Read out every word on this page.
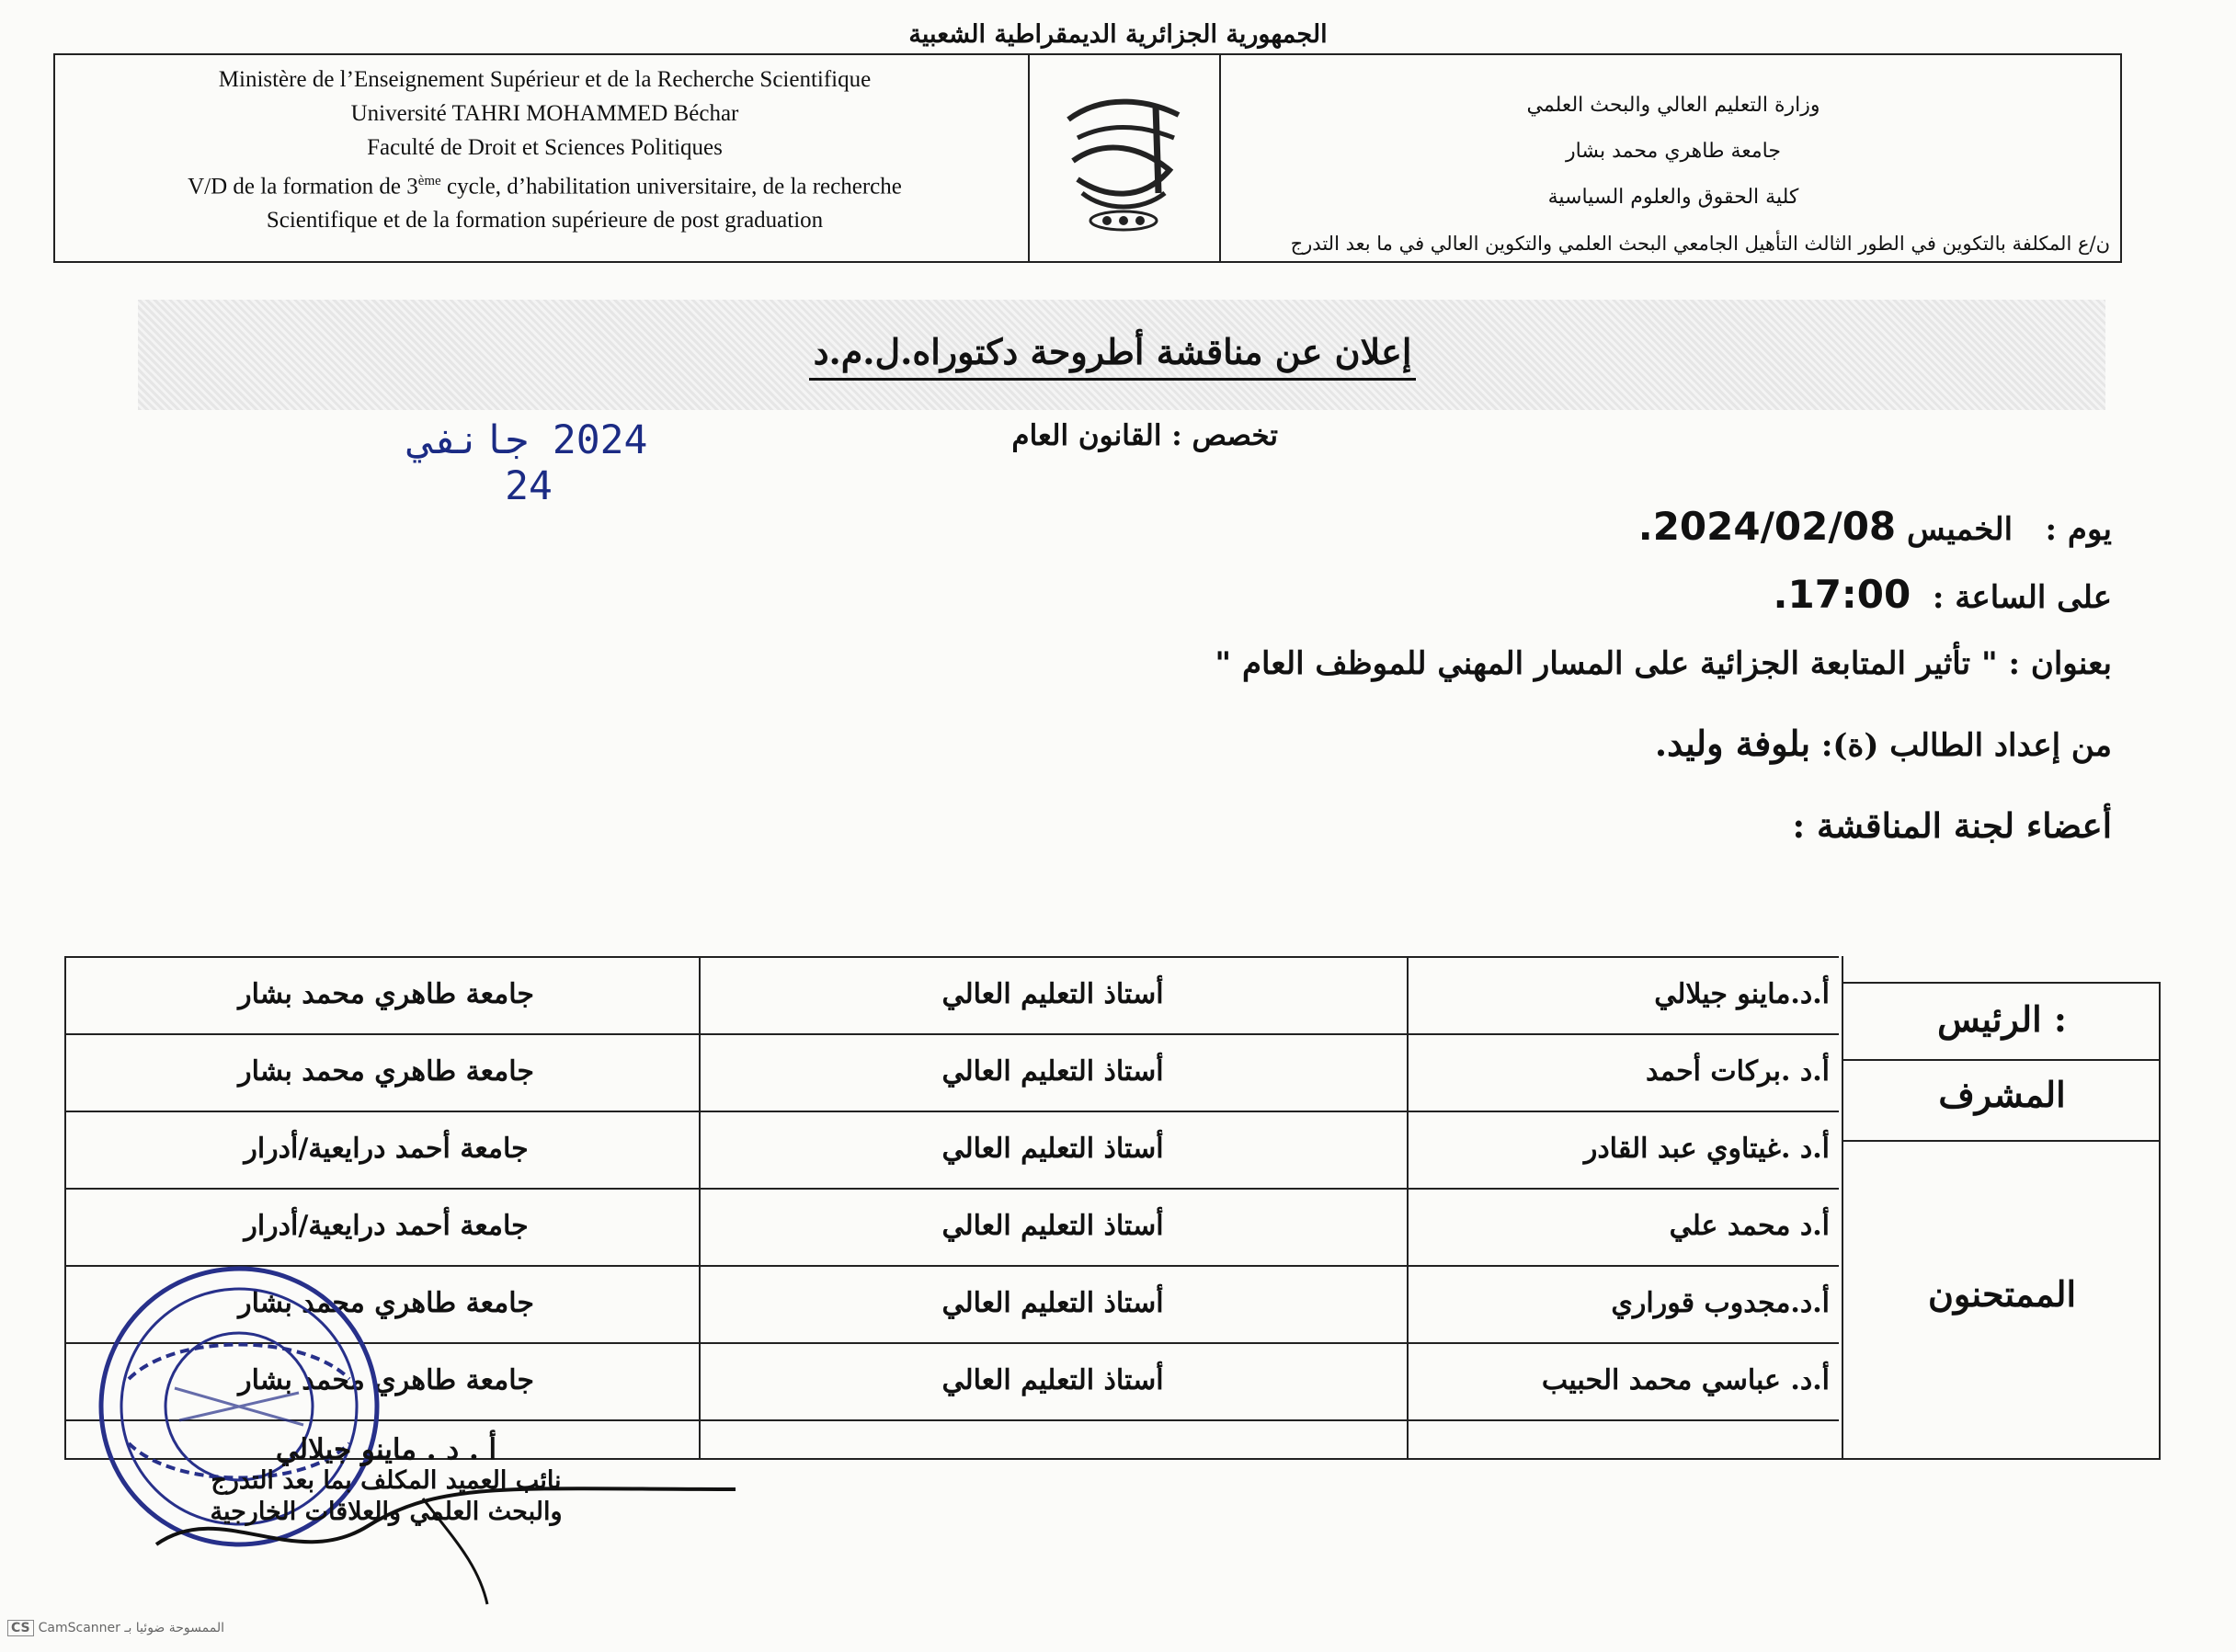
الجمهورية الجزائرية الديمقراطية الشعبية
Ministère de l’Enseignement Supérieur et de la Recherche Scientifique
Université TAHRI MOHAMMED Béchar
Faculté de Droit et Sciences Politiques
V/D de la formation de 3ème cycle, d’habilitation universitaire, de la recherche
Scientifique et de la formation supérieure de post graduation
وزارة التعليم العالي والبحث العلمي
جامعة طاهري محمد بشار
كلية الحقوق والعلوم السياسية
ن/ع المكلفة بالتكوين في الطور الثالث التأهيل الجامعي البحث العلمي والتكوين العالي في ما بعد التدرج
إعلان عن مناقشة أطروحة دكتوراه.ل.م.د
تخصص : القانون العام
2024 جانفي 24
يوم :   الخميس 2024/02/08.
على الساعة :  17:00.
بعنوان : " تأثير المتابعة الجزائية على المسار المهني للموظف العام "
من إعداد الطالب (ة): بلوفة وليد.
أعضاء لجنة المناقشة :
الرئيس :
المشرف
الممتحنون
أ.د.ماينو جيلالي
أستاذ التعليم العالي
جامعة طاهري محمد بشار
أ.د .بركات أحمد
أستاذ التعليم العالي
جامعة طاهري محمد بشار
أ.د .غيتاوي عبد القادر
أستاذ التعليم العالي
جامعة أحمد درايعية/أدرار
أ.د محمد علي
أستاذ التعليم العالي
جامعة أحمد درايعية/أدرار
أ.د.مجدوب قوراري
أستاذ التعليم العالي
جامعة طاهري محمد بشار
أ.د. عباسي محمد الحبيب
أستاذ التعليم العالي
جامعة طاهري محمد بشار
أ . د . ماينو جيلالي
نائب العميد المكلف بما بعد التدرج
والبحث العلمي والعلاقات الخارجية
CS CamScanner الممسوحة ضوئيا بـ
